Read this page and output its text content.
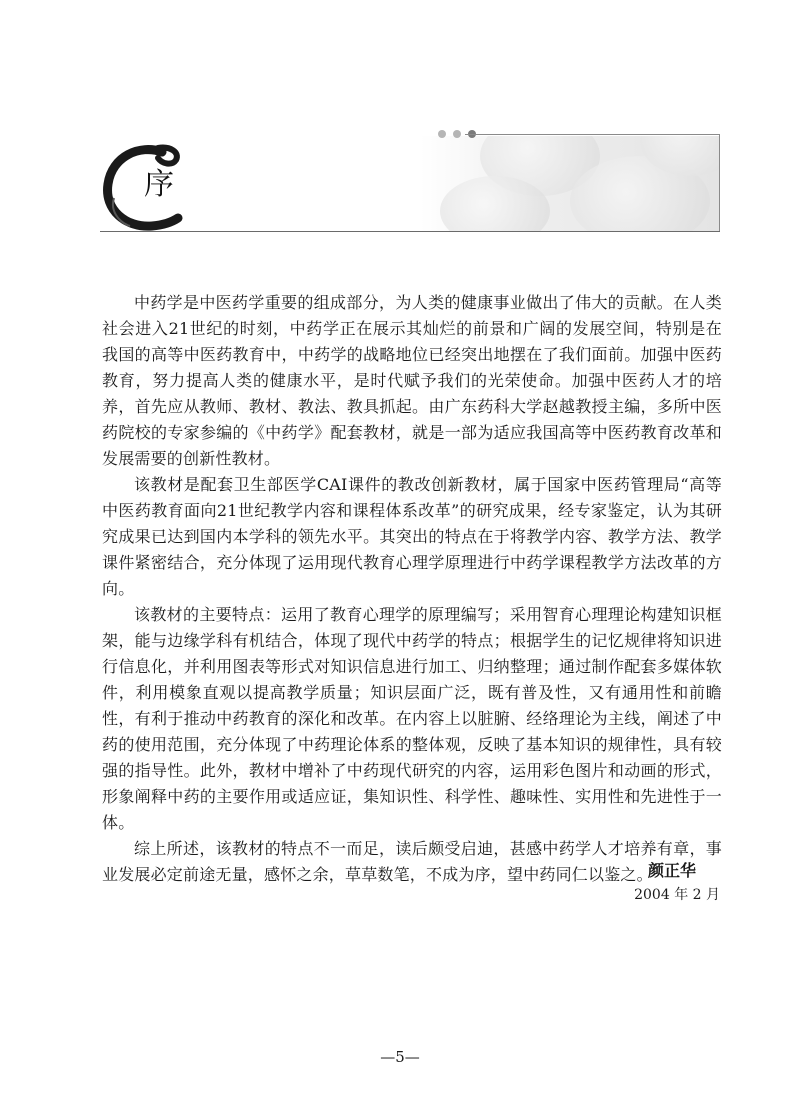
序

中药学是中医药学重要的组成部分，为人类的健康事业做出了伟大的贡献。在人类社会进入21世纪的时刻，中药学正在展示其灿烂的前景和广阔的发展空间，特别是在我国的高等中医药教育中，中药学的战略地位已经突出地摆在了我们面前。加强中医药教育，努力提高人类的健康水平，是时代赋予我们的光荣使命。加强中医药人才的培养，首先应从教师、教材、教法、教具抓起。由广东药科大学赵越教授主编，多所中医药院校的专家参编的《中药学》配套教材，就是一部为适应我国高等中医药教育改革和发展需要的创新性教材。

该教材是配套卫生部医学CAI课件的教改创新教材，属于国家中医药管理局“高等中医药教育面向21世纪教学内容和课程体系改革”的研究成果，经专家鉴定，认为其研究成果已达到国内本学科的领先水平。其突出的特点在于将教学内容、教学方法、教学课件紧密结合，充分体现了运用现代教育心理学原理进行中药学课程教学方法改革的方向。

该教材的主要特点：运用了教育心理学的原理编写；采用智育心理理论构建知识框架，能与边缘学科有机结合，体现了现代中药学的特点；根据学生的记忆规律将知识进行信息化，并利用图表等形式对知识信息进行加工、归纳整理；通过制作配套多媒体软件，利用模象直观以提高教学质量；知识层面广泛，既有普及性，又有通用性和前瞻性，有利于推动中药教育的深化和改革。在内容上以脏腑、经络理论为主线，阐述了中药的使用范围，充分体现了中药理论体系的整体观，反映了基本知识的规律性，具有较强的指导性。此外，教材中增补了中药现代研究的内容，运用彩色图片和动画的形式，形象阐释中药的主要作用或适应证，集知识性、科学性、趣味性、实用性和先进性于一体。

综上所述，该教材的特点不一而足，读后颇受启迪，甚感中药学人才培养有章，事业发展必定前途无量，感怀之余，草草数笔，不成为序，望中药同仁以鉴之。

颜正华
2004 年 2 月
—5—
